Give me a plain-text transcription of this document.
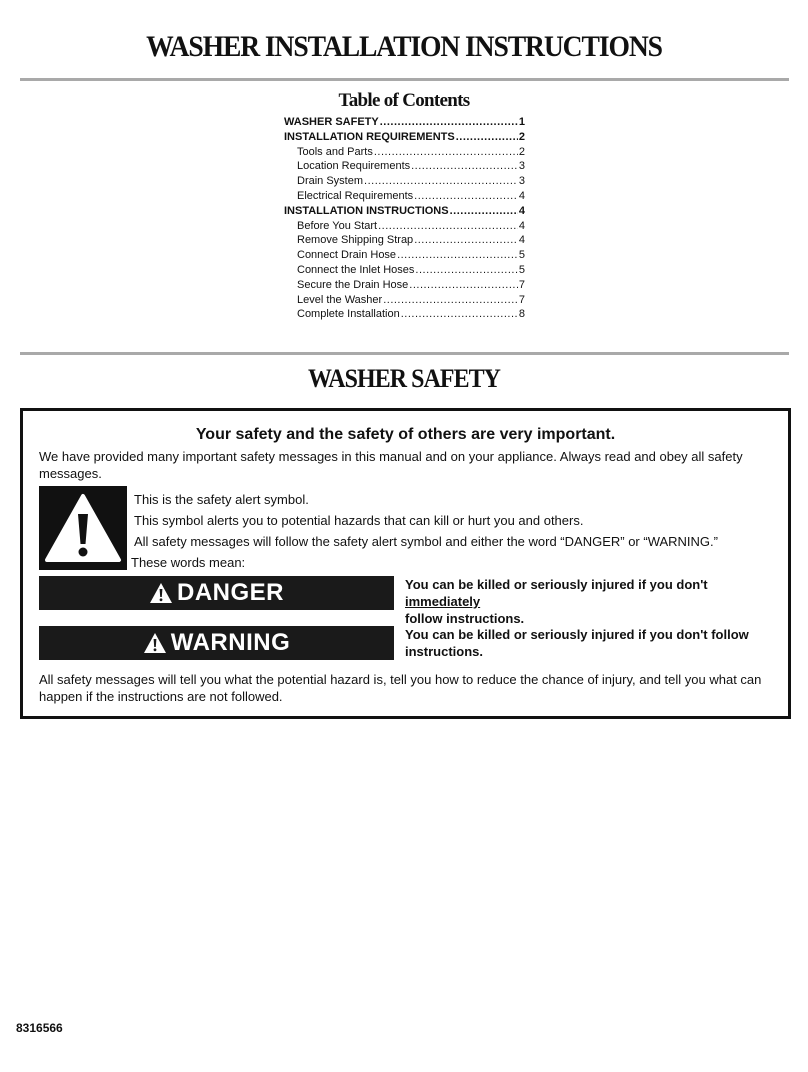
WASHER INSTALLATION INSTRUCTIONS
Table of Contents
WASHER SAFETY .....	1
INSTALLATION REQUIREMENTS .....	2
Tools and Parts .....	2
Location Requirements .....	3
Drain System .....	3
Electrical Requirements .....	4
INSTALLATION INSTRUCTIONS .....	4
Before You Start .....	4
Remove Shipping Strap .....	4
Connect Drain Hose .....	5
Connect the Inlet Hoses .....	5
Secure the Drain Hose .....	7
Level the Washer .....	7
Complete Installation .....	8
WASHER SAFETY
Your safety and the safety of others are very important.
We have provided many important safety messages in this manual and on your appliance. Always read and obey all safety messages.
This is the safety alert symbol.
This symbol alerts you to potential hazards that can kill or hurt you and others.
All safety messages will follow the safety alert symbol and either the word “DANGER” or “WARNING.”
These words mean:
DANGER	You can be killed or seriously injured if you don't immediately
follow instructions.
WARNING	You can be killed or seriously injured if you don't follow instructions.
All safety messages will tell you what the potential hazard is, tell you how to reduce the chance of injury, and tell you what can happen if the instructions are not followed.
8316566
